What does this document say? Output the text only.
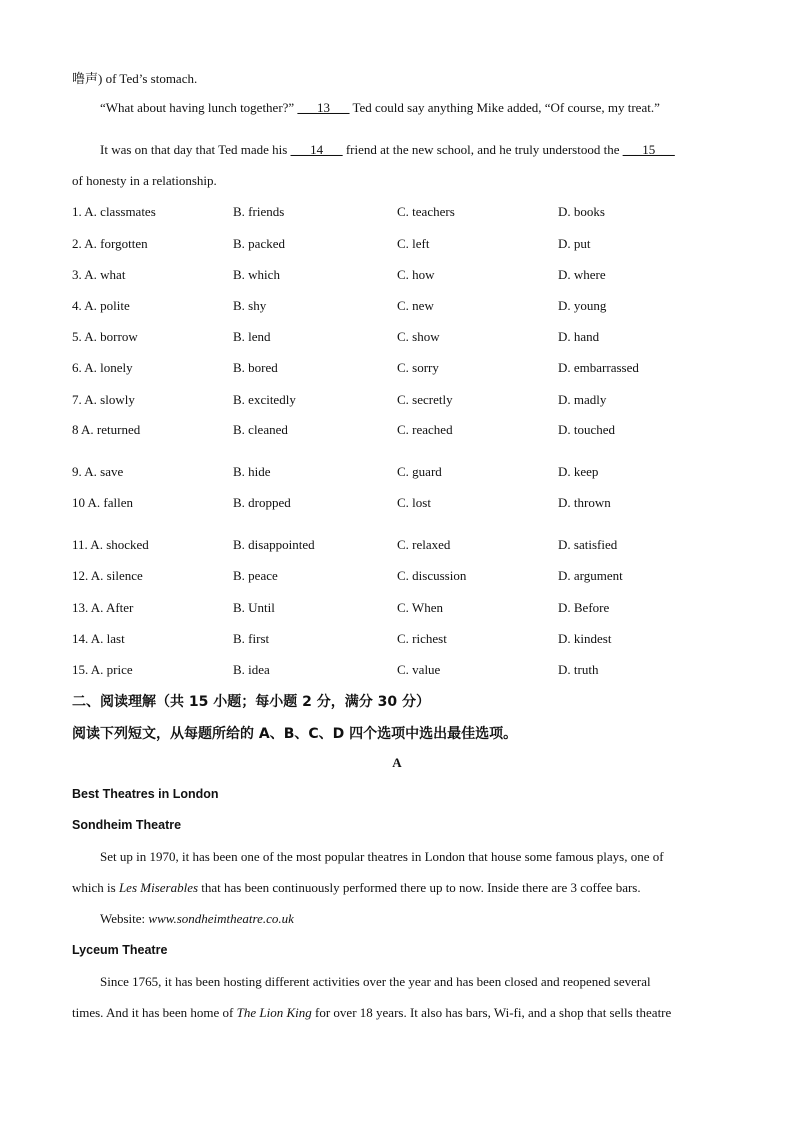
噜声) of Ted’s stomach.
“What about having lunch together?” ___13___ Ted could say anything Mike added, “Of course, my treat.”
It was on that day that Ted made his ___14___ friend at the new school, and he truly understood the ___15___
of honesty in a relationship.
1. A. classmates	B. friends	C. teachers	D. books
2. A. forgotten	B. packed	C. left	D. put
3. A. what	B. which	C. how	D. where
4. A. polite	B. shy	C. new	D. young
5. A. borrow	B. lend	C. show	D. hand
6. A. lonely	B. bored	C. sorry	D. embarrassed
7. A. slowly	B. excitedly	C. secretly	D. madly
8 A. returned	B. cleaned	C. reached	D. touched
9. A. save	B. hide	C. guard	D. keep
10 A. fallen	B. dropped	C. lost	D. thrown
11. A. shocked	B. disappointed	C. relaxed	D. satisfied
12. A. silence	B. peace	C. discussion	D. argument
13. A. After	B. Until	C. When	D. Before
14. A. last	B. first	C. richest	D. kindest
15. A. price	B. idea	C. value	D. truth
二、阅读理解（共 15 小题；每小题 2 分，满分 30 分）
阅读下列短文，从每题所给的 A、B、C、D 四个选项中选出最佳选项。
A
Best Theatres in London
Sondheim Theatre
Set up in 1970, it has been one of the most popular theatres in London that house some famous plays, one of
which is Les Miserables that has been continuously performed there up to now. Inside there are 3 coffee bars.
Website: www.sondheimtheatre.co.uk
Lyceum Theatre
Since 1765, it has been hosting different activities over the year and has been closed and reopened several
times. And it has been home of The Lion King for over 18 years. It also has bars, Wi-fi, and a shop that sells theatre
